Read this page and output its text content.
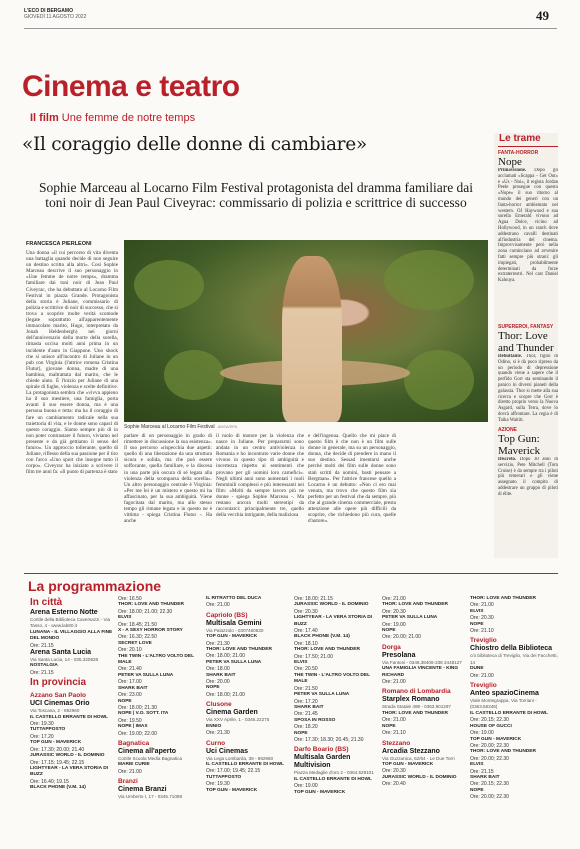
L'ECO DI BERGAMO
GIOVEDÌ 11 AGOSTO 2022	49
Cinema e teatro
Il film Une femme de notre temps
«Il coraggio delle donne di cambiare»
Sophie Marceau al Locarno Film Festival protagonista del dramma familiare dai toni noir di Jean Paul Civeyrac: commissario di polizia e scrittrice di successo
FRANCESCA PIERLEONI
Una donna «il cui percorso di vita diventa una battaglia quando decide di non seguire un destino scritto alla altri». Così Sophie Marceau descrive il suo personaggio in «Une femme de notre temps», dramma familiare dai toni noir di Jean Paul Civeyrac, che ha debuttato al Locarno Film Festival in piazza Grande. Protagonista della storia è Juliane, commissario di polizia e scrittrice di noir di successo, che si trova a scoprire molte verità scomode (legate soprattutto all'apparentemente immacolato marito, Hugo, interpretato da Jonah Heldenbergh) nei giorni dell'anniversario della morte della sorella, rimasta uccisa molti anni prima in un incidente d'auto in Giappone. Uno shock che si unisce all'incontro di Juliane in un pub con Virginia (l'attrice romena Cristina Flutur), giovane donna, madre di una bambina, maltrattata dal marito, che le chiede aiuto. È l'inizio per Juliane di una spirale di fughe, violenza e scelte definitive. La protagonista sembra che «vivva appieno ha il suo mestiere, una famiglia, porta avanti il suo essere donna, ma è una persona buona e retta: ma ha il coraggio di fare un cambiamento radicale nella sua traiettoria di vita, e le donne sono capaci di questo coraggio. Siamo sempre più di in non poter contrastare il futuro, viviamo nel presente e da già gettiamo il senso del futuro». Un approccio tollerante, quello di Juliane, riflesso della sua passione per il tiro con l'arco «Uno sport che insegne tutto il corpo». Civeyrac ha iniziato a scrivere il film tre anni fa: «Il punto di partenza è stato
Sophie Marceau al Locarno Film Festival ANSA/EPA
parlare di un personaggio in grado di rimettere in discussione la sua esistenza». Il suo percorso «rispecchia due aspetti: quello di una liberazione da una struttura sicura e solida, ma che può essere soffocante, quella familiare, e la discesa in una parte più oscura di sé legata alla violenza della scomparsa della sorella». Un altro personaggio centrale è Virginia: «Per me lei è un mistero e questo mi ha affascinato, per la sua ambiguità. Viene fagocitata dal marito, ma allo stesso tempo gli rimane legata e in questo ne è vittima - spiega Cristina Flutur -. Ha anche
il ruolo di motore per la violenza che nasce in Juliane. Per prepararmi sono andata in un centro antiviolenza in Romania e ho incontrato varie donne che vivono in questo tipo di ambiguità e incertezza rispetto ai sentimenti che provano per gli uomini loro carnefici». Negli ultimi anni sono aumentati i ruoli femminili complessi e più interessanti nei film: «Molti da sempre lavoro più ne donne - spiega Sophie Marceau -. Ma restano ancora molti stereotipi da raccontarci: principalmente tre, quello della vecchia intrigante, della maliziosa
e dell'ingenua. Quello che mi piace di questo film è che non è un film sulle donne in generale, ma su un personaggio, donna, che decide di prendere in mano il suo destino. Sessad imentarsi anche perché molti dei film sulle donne sono stati scritti da uomini, basti pensare a Bergman». Per l'attrice francese quello a Locarno è un debutto: «Non ci ero mai venuta, ma trovo che questo film sia perfetto per un festival che da sempre, più che al grande cinema commerciale, presta attenzione alle opere più difficili da scoprire, che richiedono più cura, quelle d'autore».
Le trame
FANTA-HORROR
Nope
Primavisione. Dopo gli acclamati «Scappa - Get Out» e «Us - Noi», il regista Jordan Peele prosegue con questo «Nope» il suo ritorno al mondo dei generi con un fanta-horror ambientato nel western. OJ Haywood e sua sorella Emerald vivono ad Agua Dolce, vicino ad Hollywood, in un ranch dove addestrano cavalli destinati all'industria del cinema. Improvvisamente però nella zona cominciano ad avvenire fatti sempre più strani: gli impiegati, probabilmente determinati da forze extraterrestri. Nel cast Daniel Kaluuya.
SUPEREROI, FANTASY
Thor: Love and Thunder
Debuttante. Thor, figlio di Odino, si è dà poco ripreso da un periodo di depressione quando viene a sapere che il perfido Gorr sta seminando il panico in diversi pianeti della galassia. Thor si mette alla sua ricerca e scopre che Gorr è diretto proprio verso la Nuova Asgard, sulla Terra, dove lo dovrà affrontare. La regia è di Taika Waititi.
AZIONE
Top Gun: Maverick
Discreto. Dopo 30 anni di servizio, Pete Mitchell (Tom Cruise) è da sempre tra i piloti più temerari e gli viene assegnato il compito di addestrare un gruppo di piloti di élite.
La programmazione
In città
Arena Esterno Notte
Cortile della Biblioteca Caversazzi - Via Tasso, 4 - www.lab80.it
LUNANA - IL VILLAGGIO ALLA FINE DEL MONDO
Ore: 21.15
Arena Santa Lucia
Via Santa Lucia, 14 - 035.320828
NOSTALGIA
Ore: 21.15
In provincia
Azzano San Paolo
UCI Cinemas Orio
Via Toscana, 2 - 892960
IL CASTELLO ERRANTE DI HOWL
Ore: 19.30
TUTTAPPOSTO
Ore: 17.20
TOP GUN - MAVERICK
Ore: 17.30; 20.00; 21.40
JURASSIC WORLD - IL DOMINIO
Ore: 17.15; 19.45; 22.15
LIGHTYEAR - LA VERA STORIA DI BUZZ
Ore: 16.40; 19.15
BLACK PHONE (V.M. 14)
Ore: 16.50
THOR: LOVE AND THUNDER
Ore: 18.00; 21.00; 22.30
ELVIS
Ore: 18.45; 21.50
X - A SEXY HORROR STORY
Ore: 16.30; 22.50
SECRET LOVE
Ore: 20.10
THE TWIN - L'ALTRO VOLTO DEL MALE
Ore: 21.40
PETER VA SULLA LUNA
Ore: 17.00
SHARK BAIT
Ore: 23.00
NOPE
Ore: 18.00; 21.30
NOPE | V.O. SOTT. ITA
Ore: 19.50
NOPE | IMAX
Ore: 19.00; 22.00
Bagnatica
Cinema all'aperto
Cortile Scuola Media Bagnatica
MARIE CURIE
Ore: 21.00
Branzi
Cinema Branzi
Via Umberto I, 17 - 0345.71088
IL RITRATTO DEL DUCA
Ore: 21.00
Capriolo (BS)
Multisala Gemini
Via Palazzolo - 0307460530
TOP GUN - MAVERICK
Ore: 21.30
THOR: LOVE AND THUNDER
Ore: 18.00; 21.00
PETER VA SULLA LUNA
Ore: 18.00
SHARK BAIT
Ore: 20.00
NOPE
Ore: 18.00; 21.00
Clusone
Cinema Garden
Via XXV Aprile, 1 - 0346.22275
ENNIO
Ore: 21.30
Curno
Uci Cinemas
Via Lega Lombarda, 39 - 892960
IL CASTELLO ERRANTE DI HOWL
Ore: 17.00; 19.45; 22.15
TUTTAPPOSTO
Ore: 19.30
TOP GUN - MAVERICK
Ore: 18.00; 21.15
JURASSIC WORLD - IL DOMINIO
Ore: 20.30
LIGHTYEAR - LA VERA STORIA DI BUZZ
Ore: 17.40
BLACK PHONE (V.M. 14)
Ore: 18.10
THOR: LOVE AND THUNDER
Ore: 17.50; 21.00
ELVIS
Ore: 20.50
THE TWIN - L'ALTRO VOLTO DEL MALE
Ore: 21.50
PETER VA SULLA LUNA
Ore: 17.20
SHARK BAIT
Ore: 21.45
SPOSA IN ROSSO
Ore: 18.20
NOPE
Ore: 17.30; 18.30; 20.45; 21.30
Darfo Boario (BS)
Multisala Garden Multivision
Piazza Medaglie d'oro 2 - 0364.529101
IL CASTELLO ERRANTE DI HOWL
Ore: 19.00
TOP GUN - MAVERICK
Ore: 21.00
THOR: LOVE AND THUNDER
Ore: 20.30
PETER VA SULLA LUNA
Ore: 19.00
NOPE
Ore: 20.00; 21.00
Dorga
Presolana
Via Fantoni - 0346.38406-338 2448127
UNA FAMIGLIA VINCENTE - KING RICHARD
Ore: 21.00
Romano di Lombardia
Starplex Romano
Strada Statale 498 - 0363.901297
THOR: LOVE AND THUNDER
Ore: 21.00
NOPE
Ore: 21.10
Stezzano
Arcadia Stezzano
Via Guzzanica, 62/64 - Le Due Torri
TOP GUN - MAVERICK
Ore: 20.30
JURASSIC WORLD - IL DOMINIO
Ore: 20.40
THOR: LOVE AND THUNDER
Ore: 21.00
ELVIS
Ore: 20.30
NOPE
Ore: 21.10
Treviglio
Chiostro della Biblioteca
c/o biblioteca di Treviglio, Via dei Facchetti, 14
DUNE
Ore: 21.00
Treviglio
Anteo spazioCinema
Viale Montegrappa, Via Torriani - (0363.56346)
IL CASTELLO ERRANTE DI HOWL
Ore: 20.15; 22.30
HOUSE OF GUCCI
Ore: 19.00
TOP GUN - MAVERICK
Ore: 20.00; 22.30
THOR: LOVE AND THUNDER
Ore: 20.00; 22.30
ELVIS
Ore: 21.15
SHARK BAIT
Ore: 20.15; 22.30
NOPE
Ore: 20.00; 22.30
